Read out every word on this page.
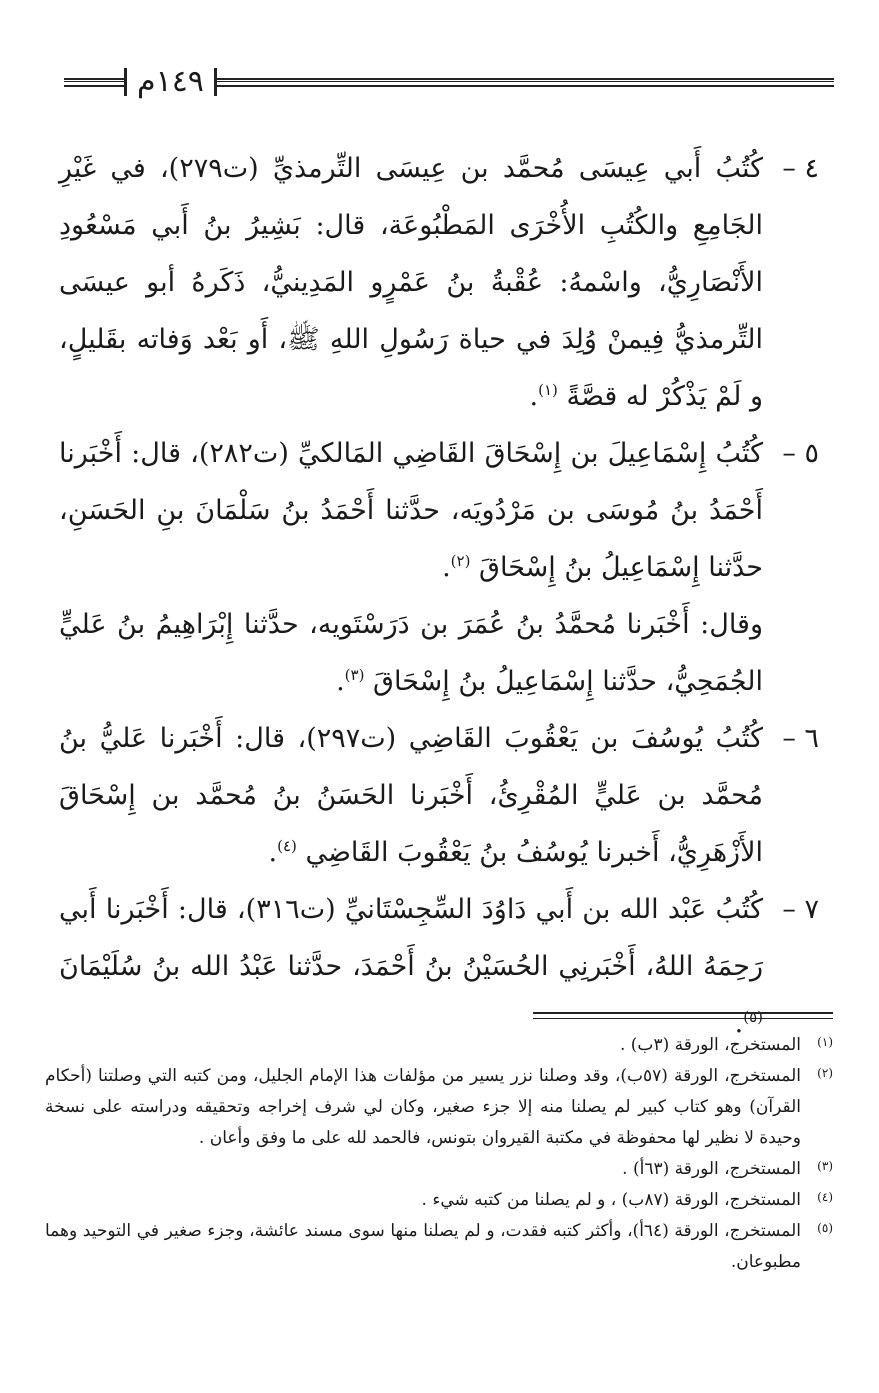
١٤٩م
٤ –
كُتُبُ أَبي عِيسَى مُحمَّد بن عِيسَى التِّرمذيِّ (ت٢٧٩)، في غَيْرِ الجَامِعِ والكُتُبِ الأُخْرَى المَطْبُوعَة، قال: بَشِيرُ بنُ أَبي مَسْعُودِ الأَنْصَارِيُّ، واسْمهُ: عُقْبةُ بنُ عَمْرٍو المَدِينيُّ، ذَكَرهُ أبو عيسَى التِّرمذيُّ فِيمنْ وُلِدَ في حياة رَسُولِ اللهِ ﷺ، أَو بَعْد وَفاته بقَليلٍ، و لَمْ يَذْكُرْ له قصَّةً $^{(١)}$.
٥ –
كُتُبُ إِسْمَاعِيلَ بن إِسْحَاقَ القَاضِي المَالكيِّ (ت٢٨٢)، قال: أَخْبَرنا أَحْمَدُ بنُ مُوسَى بن مَرْدُويَه، حدَّثنا أَحْمَدُ بنُ سَلْمَانَ بنِ الحَسَنِ، حدَّثنا إِسْمَاعِيلُ بنُ إِسْحَاقَ $^{(٢)}$.
وقال: أَخْبَرنا مُحمَّدُ بنُ عُمَرَ بن دَرَسْتَويه، حدَّثنا إِبْرَاهِيمُ بنُ عَليٍّ الجُمَحِيُّ، حدَّثنا إِسْمَاعِيلُ بنُ إِسْحَاقَ $^{(٣)}$.
٦ –
كُتُبُ يُوسُفَ بن يَعْقُوبَ القَاضِي (ت٢٩٧)، قال: أَخْبَرنا عَليُّ بنُ مُحمَّد بن عَليٍّ المُقْرِئُ، أَخْبَرنا الحَسَنُ بنُ مُحمَّد بن إِسْحَاقَ الأَزْهَرِيُّ، أَخبرنا يُوسُفُ بنُ يَعْقُوبَ القَاضِي $^{(٤)}$.
٧ –
كُتُبُ عَبْد الله بن أَبي دَاوُدَ السِّجِسْتَانيِّ (ت٣١٦)، قال: أَخْبَرنا أَبي رَحِمَهُ اللهُ، أَخْبَرنِي الحُسَيْنُ بنُ أَحْمَدَ، حدَّثنا عَبْدُ الله بنُ سُلَيْمَانَ $^{(٥)}$.
(١)
المستخرج، الورقة (٣ب) .
(٢)
المستخرج، الورقة (٥٧ب)، وقد وصلنا نزر يسير من مؤلفات هذا الإمام الجليل، ومن كتبه التي وصلتنا (أحكام القرآن) وهو كتاب كبير لم يصلنا منه إلا جزء صغير، وكان لي شرف إخراجه وتحقيقه ودراسته على نسخة وحيدة لا نظير لها محفوظة في مكتبة القيروان بتونس، فالحمد لله على ما وفق وأعان .
(٣)
المستخرج، الورقة (٦٣أ) .
(٤)
المستخرج، الورقة (٨٧ب) ، و لم يصلنا من كتبه شيء .
(٥)
المستخرج، الورقة (٦٤أ)، وأكثر كتبه فقدت، و لم يصلنا منها سوى مسند عائشة، وجزء صغير في التوحيد وهما مطبوعان.
